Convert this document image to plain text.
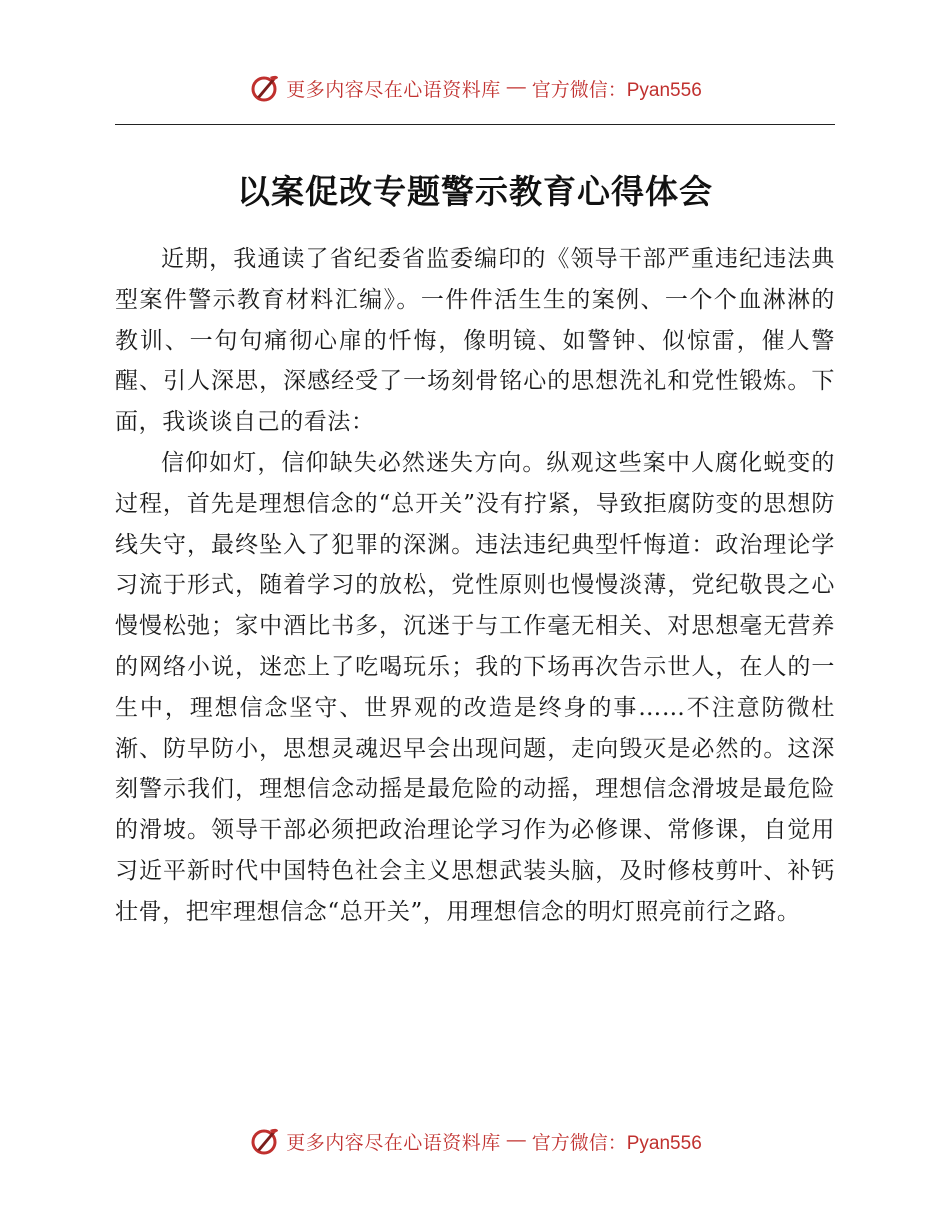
更多内容尽在心语资料库 — 官方微信：Pyan556
以案促改专题警示教育心得体会

近期，我通读了省纪委省监委编印的《领导干部严重违纪违法典型案件警示教育材料汇编》。一件件活生生的案例、一个个血淋淋的教训、一句句痛彻心扉的忏悔，像明镜、如警钟、似惊雷，催人警醒、引人深思，深感经受了一场刻骨铭心的思想洗礼和党性锻炼。下面，我谈谈自己的看法：

信仰如灯，信仰缺失必然迷失方向。纵观这些案中人腐化蜕变的过程，首先是理想信念的“总开关”没有拧紧，导致拒腐防变的思想防线失守，最终坠入了犯罪的深渊。违法违纪典型忏悔道：政治理论学习流于形式，随着学习的放松，党性原则也慢慢淡薄，党纪敬畏之心慢慢松弛；家中酒比书多，沉迷于与工作毫无相关、对思想毫无营养的网络小说，迷恋上了吃喝玩乐；我的下场再次告示世人，在人的一生中，理想信念坚守、世界观的改造是终身的事……不注意防微杜渐、防早防小，思想灵魂迟早会出现问题，走向毁灭是必然的。这深刻警示我们，理想信念动摇是最危险的动摇，理想信念滑坡是最危险的滑坡。领导干部必须把政治理论学习作为必修课、常修课，自觉用习近平新时代中国特色社会主义思想武装头脑，及时修枝剪叶、补钙壮骨，把牢理想信念“总开关”，用理想信念的明灯照亮前行之路。

更多内容尽在心语资料库 — 官方微信：Pyan556
